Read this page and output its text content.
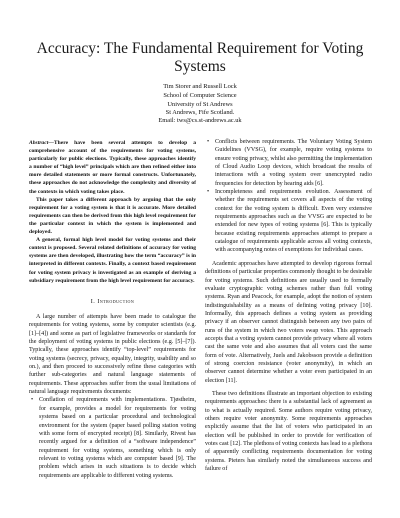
Accuracy: The Fundamental Requirement for Voting Systems
Tim Storer and Russell Lock
School of Computer Science
University of St Andrews
St Andrews, Fife Scotland.
Email: tws@cs.st-andrews.ac.uk

Abstract—There have been several attempts to develop a comprehensive account of the requirements for voting systems, particularly for public elections. Typically, these approaches identify a number of “high level” principals which are then refined either into more detailed statements or more formal constructs. Unfortunately, these approaches do not acknowledge the complexity and diversity of the contexts in which voting takes place.

This paper takes a different approach by arguing that the only requirement for a voting system is that it is accurate. More detailed requirements can then be derived from this high level requirement for the particular context in which the system is implemented and deployed.

A general, formal high level model for voting systems and their context is proposed. Several related definitions of accuracy for voting systems are then developed, illustrating how the term “accuracy” is in interpreted in different contexts. Finally, a context based requirement for voting system privacy is investigated as an example of deriving a subsidiary requirement from the high level requirement for accuracy.

I. Introduction

A large number of attempts have been made to catalogue the requirements for voting systems, some by computer scientists (e.g. [1]–[4]) and some as part of legislative frameworks or standards for the deployment of voting systems in public elections (e.g. [5]–[7]). Typically, these approaches identify “top-level” requirements for voting systems (secrecy, privacy, equality, integrity, usability and so on.), and then proceed to successively refine these categories with further sub-categories and natural language statements of requirements. These approaches suffer from the usual limitations of natural language requirements documents:

• Conflation of requirements with implementations. Tjøstheim, for example, provides a model for requirements for voting systems based on a particular procedural and technological environment for the system (paper based polling station voting with some form of encrypted receipt) [8]. Similarly, Rivest has recently argued for a definition of a “software independence” requirement for voting systems, something which is only relevant to voting systems which are computer based [9]. The problem which arises in such situations is to decide which requirements are applicable to different voting systems.
• Conflicts between requirements. The Voluntary Voting System Guidelines (VVSG), for example, require voting systems to ensure voting privacy, whilst also permitting the implementation of Cloud Audio Loop devices, which broadcast the results of interactions with a voting system over unencrypted radio frequencies for detection by hearing aids [6].
• Incompleteness and requirements evolution. Assessment of whether the requirements set covers all aspects of the voting context for the voting system is difficult. Even very extensive requirements approaches such as the VVSG are expected to be extended for new types of voting systems [6]. This is typically because existing requirements approaches attempt to prepare a catalogue of requirements applicable across all voting contexts, with accompanying notes of exemptions for individual cases.

Academic approaches have attempted to develop rigorous formal definitions of particular properties commonly thought to be desirable for voting systems. Such definitions are usually used to formally evaluate cryptographic voting schemes rather than full voting systems. Ryan and Peacock, for example, adopt the notion of system indistinguishability as a means of defining voting privacy [10]. Informally, this approach defines a voting system as providing privacy if an observer cannot distinguish between any two pairs of runs of the system in which two voters swap votes. This approach accepts that a voting system cannot provide privacy where all voters cast the same vote and also assumes that all voters cast the same form of vote. Alternatively, Juels and Jakobsson provide a definition of strong coercion resistance (voter anonymity), in which an observer cannot determine whether a voter even participated in an election [11].

These two definitions illustrate an important objection to existing requirements approaches: there is a substantial lack of agreement as to what is actually required. Some authors require voting privacy, others require voter anonymity. Some requirements approaches explicitly assume that the list of voters who participated in an election will be published in order to provide for verification of votes cast [12]. The plethora of voting contexts has lead to a plethora of apparently conflicting requirements documentation for voting systems. Pieters has similarly noted the simultaneous success and failure of
